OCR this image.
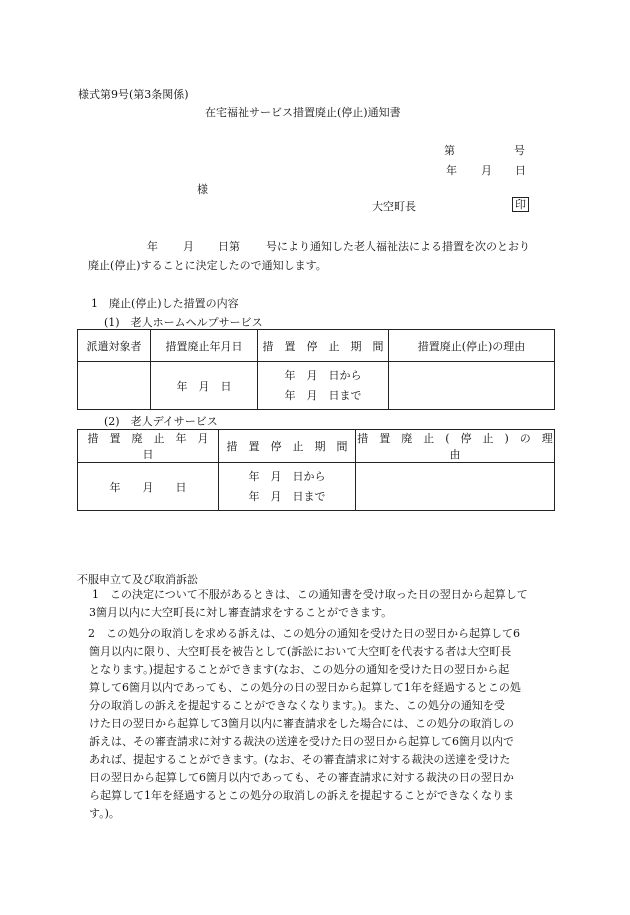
様式第9号(第3条関係)
在宅福祉サービス措置廃止(停止)通知書
第	号
年 月 日
様
大空町長	印
年 月 日第 号により通知した老人福祉法による措置を次のとおり
廃止(停止)することに決定したので通知します。
1　廃止(停止)した措置の内容
(1)　老人ホームヘルプサービス
派遣対象者	措置廃止年月日	措　置　停　止　期　間	措置廃止(停止)の理由
	年　月　日	年　月　日から
年　月　日まで	

(2)　老人デイサービス
措　置　廃　止　年　月　日	措　置　停　止　期　間	措　置　廃　止　(　停　止　)　の　理　由
年　　月　　日	年　月　日から
年　月　日まで	

不服申立て及び取消訴訟
1　この決定について不服があるときは、この通知書を受け取った日の翌日から起算して
3箇月以内に大空町長に対し審査請求をすることができます。
2　この処分の取消しを求める訴えは、この処分の通知を受けた日の翌日から起算して6
箇月以内に限り、大空町長を被告として(訴訟において大空町を代表する者は大空町長
となります。)提起することができます(なお、この処分の通知を受けた日の翌日から起
算して6箇月以内であっても、この処分の日の翌日から起算して1年を経過するとこの処
分の取消しの訴えを提起することができなくなります。)。また、この処分の通知を受
けた日の翌日から起算して3箇月以内に審査請求をした場合には、この処分の取消しの
訴えは、その審査請求に対する裁決の送達を受けた日の翌日から起算して6箇月以内で
あれば、提起することができます。(なお、その審査請求に対する裁決の送達を受けた
日の翌日から起算して6箇月以内であっても、その審査請求に対する裁決の日の翌日か
ら起算して1年を経過するとこの処分の取消しの訴えを提起することができなくなりま
す。)。
